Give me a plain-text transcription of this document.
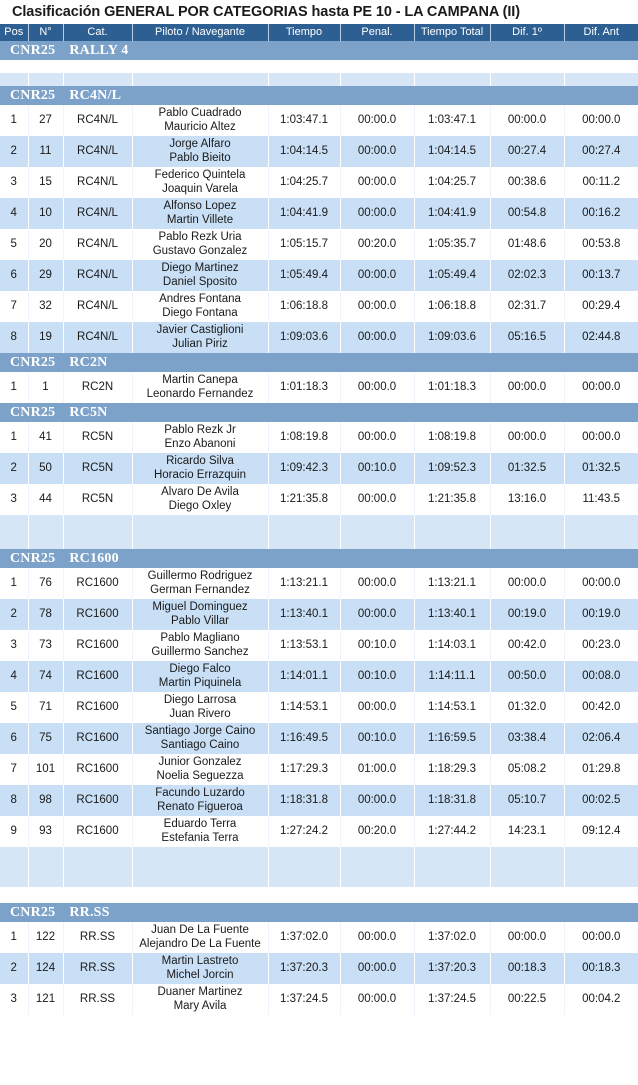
Clasificación GENERAL POR CATEGORIAS hasta PE 10 - LA CAMPANA (II)
Pos	N°	Cat.	Piloto / Navegante	Tiempo	Penal.	Tiempo Total	Dif. 1º	Dif. Ant
CNR25 RALLY 4								

CNR25 RC4N/L								
1	27	RC4N/L	Pablo Cuadrado
Mauricio Altez	1:03:47.1	00:00.0	1:03:47.1	00:00.0	00:00.0
2	11	RC4N/L	Jorge Alfaro
Pablo Bieito	1:04:14.5	00:00.0	1:04:14.5	00:27.4	00:27.4
3	15	RC4N/L	Federico Quintela
Joaquin Varela	1:04:25.7	00:00.0	1:04:25.7	00:38.6	00:11.2
4	10	RC4N/L	Alfonso Lopez
Martin Villete	1:04:41.9	00:00.0	1:04:41.9	00:54.8	00:16.2
5	20	RC4N/L	Pablo Rezk Uria
Gustavo Gonzalez	1:05:15.7	00:20.0	1:05:35.7	01:48.6	00:53.8
6	29	RC4N/L	Diego Martinez
Daniel Sposito	1:05:49.4	00:00.0	1:05:49.4	02:02.3	00:13.7
7	32	RC4N/L	Andres Fontana
Diego Fontana	1:06:18.8	00:00.0	1:06:18.8	02:31.7	00:29.4
8	19	RC4N/L	Javier Castiglioni
Julian Piriz	1:09:03.6	00:00.0	1:09:03.6	05:16.5	02:44.8
CNR25 RC2N								
1	1	RC2N	Martin Canepa
Leonardo Fernandez	1:01:18.3	00:00.0	1:01:18.3	00:00.0	00:00.0
CNR25 RC5N								
1	41	RC5N	Pablo Rezk Jr
Enzo Abanoni	1:08:19.8	00:00.0	1:08:19.8	00:00.0	00:00.0
2	50	RC5N	Ricardo Silva
Horacio Errazquin	1:09:42.3	00:10.0	1:09:52.3	01:32.5	01:32.5
3	44	RC5N	Alvaro De Avila
Diego Oxley	1:21:35.8	00:00.0	1:21:35.8	13:16.0	11:43.5

CNR25 RC1600								
1	76	RC1600	Guillermo Rodriguez
German Fernandez	1:13:21.1	00:00.0	1:13:21.1	00:00.0	00:00.0
2	78	RC1600	Miguel Dominguez
Pablo Villar	1:13:40.1	00:00.0	1:13:40.1	00:19.0	00:19.0
3	73	RC1600	Pablo Magliano
Guillermo Sanchez	1:13:53.1	00:10.0	1:14:03.1	00:42.0	00:23.0
4	74	RC1600	Diego Falco
Martin Piquinela	1:14:01.1	00:10.0	1:14:11.1	00:50.0	00:08.0
5	71	RC1600	Diego Larrosa
Juan Rivero	1:14:53.1	00:00.0	1:14:53.1	01:32.0	00:42.0
6	75	RC1600	Santiago Jorge Caino
Santiago Caino	1:16:49.5	00:10.0	1:16:59.5	03:38.4	02:06.4
7	101	RC1600	Junior Gonzalez
Noelia Seguezza	1:17:29.3	01:00.0	1:18:29.3	05:08.2	01:29.8
8	98	RC1600	Facundo Luzardo
Renato Figueroa	1:18:31.8	00:00.0	1:18:31.8	05:10.7	00:02.5
9	93	RC1600	Eduardo Terra
Estefania Terra	1:27:24.2	00:20.0	1:27:44.2	14:23.1	09:12.4

CNR25 RR.SS								
1	122	RR.SS	Juan De La Fuente
Alejandro De La Fuente	1:37:02.0	00:00.0	1:37:02.0	00:00.0	00:00.0
2	124	RR.SS	Martin Lastreto
Michel Jorcin	1:37:20.3	00:00.0	1:37:20.3	00:18.3	00:18.3
3	121	RR.SS	Duaner Martinez
Mary Avila	1:37:24.5	00:00.0	1:37:24.5	00:22.5	00:04.2
